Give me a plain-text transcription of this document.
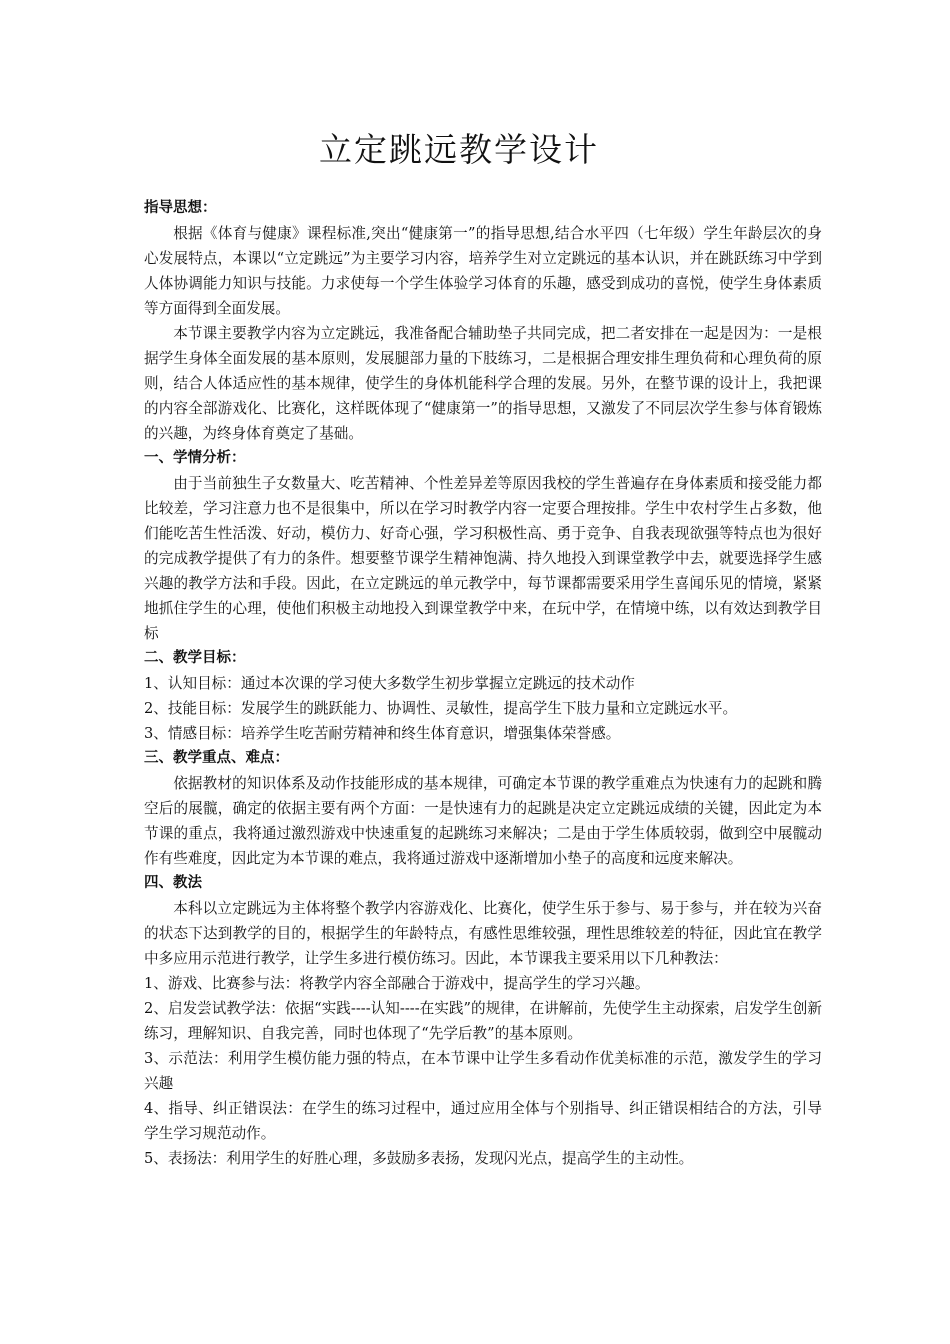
立定跳远教学设计
指导思想：

根据《体育与健康》课程标准,突出“健康第一”的指导思想,结合水平四（七年级）学生年龄层次的身心发展特点，本课以“立定跳远”为主要学习内容，培养学生对立定跳远的基本认识，并在跳跃练习中学到人体协调能力知识与技能。力求使每一个学生体验学习体育的乐趣，感受到成功的喜悦，使学生身体素质等方面得到全面发展。

本节课主要教学内容为立定跳远，我准备配合辅助垫子共同完成，把二者安排在一起是因为：一是根据学生身体全面发展的基本原则，发展腿部力量的下肢练习，二是根据合理安排生理负荷和心理负荷的原则，结合人体适应性的基本规律，使学生的身体机能科学合理的发展。另外，在整节课的设计上，我把课的内容全部游戏化、比赛化，这样既体现了“健康第一”的指导思想，又激发了不同层次学生参与体育锻炼的兴趣，为终身体育奠定了基础。

一、学情分析：

由于当前独生子女数量大、吃苦精神、个性差异差等原因我校的学生普遍存在身体素质和接受能力都比较差，学习注意力也不是很集中，所以在学习时教学内容一定要合理按排。学生中农村学生占多数，他们能吃苦生性活泼、好动，模仿力、好奇心强，学习积极性高、勇于竞争、自我表现欲强等特点也为很好的完成教学提供了有力的条件。想要整节课学生精神饱满、持久地投入到课堂教学中去，就要选择学生感兴趣的教学方法和手段。因此，在立定跳远的单元教学中，每节课都需要采用学生喜闻乐见的情境，紧紧地抓住学生的心理，使他们积极主动地投入到课堂教学中来，在玩中学，在情境中练，以有效达到教学目标

二、教学目标：

1、认知目标：通过本次课的学习使大多数学生初步掌握立定跳远的技术动作

2、技能目标：发展学生的跳跃能力、协调性、灵敏性，提高学生下肢力量和立定跳远水平。

3、情感目标：培养学生吃苦耐劳精神和终生体育意识，增强集体荣誉感。

三、教学重点、难点：

依据教材的知识体系及动作技能形成的基本规律，可确定本节课的教学重难点为快速有力的起跳和腾空后的展髋，确定的依据主要有两个方面：一是快速有力的起跳是决定立定跳远成绩的关键，因此定为本节课的重点，我将通过激烈游戏中快速重复的起跳练习来解决；二是由于学生体质较弱，做到空中展髋动作有些难度，因此定为本节课的难点，我将通过游戏中逐渐增加小垫子的高度和远度来解决。

四、教法

本科以立定跳远为主体将整个教学内容游戏化、比赛化，使学生乐于参与、易于参与，并在较为兴奋的状态下达到教学的目的，根据学生的年龄特点，有感性思维较强，理性思维较差的特征，因此宜在教学中多应用示范进行教学，让学生多进行模仿练习。因此，本节课我主要采用以下几种教法：

1、游戏、比赛参与法：将教学内容全部融合于游戏中，提高学生的学习兴趣。

2、启发尝试教学法：依据“实践----认知----在实践”的规律，在讲解前，先使学生主动探索，启发学生创新练习，理解知识、自我完善，同时也体现了“先学后教”的基本原则。

3、示范法：利用学生模仿能力强的特点，在本节课中让学生多看动作优美标准的示范，激发学生的学习兴趣

4、指导、纠正错误法：在学生的练习过程中，通过应用全体与个别指导、纠正错误相结合的方法，引导学生学习规范动作。

5、表扬法：利用学生的好胜心理，多鼓励多表扬，发现闪光点，提高学生的主动性。
